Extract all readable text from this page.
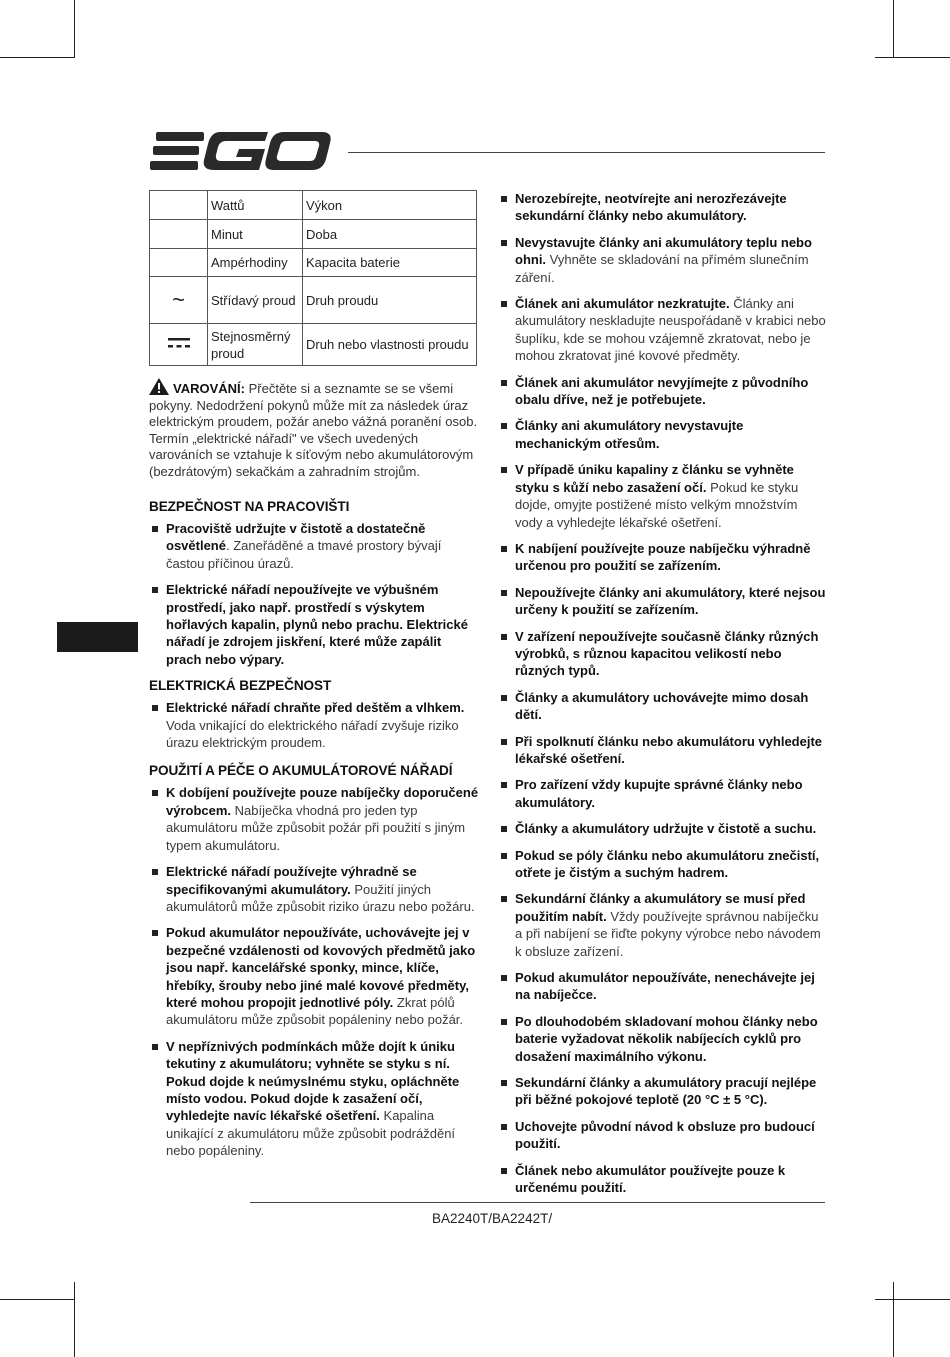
	Wattů	Výkon
	Minut	Doba
	Ampérhodiny	Kapacita baterie
~	Střídavý proud	Druh proudu
	Stejnosměrný proud	Druh nebo vlastnosti proudu

VAROVÁNÍ: Přečtěte si a seznamte se se všemi pokyny. Nedodržení pokynů může mít za následek úraz elektrickým proudem, požár anebo vážná poranění osob. Termín „elektrické nářadí" ve všech uvedených varováních se vztahuje k síťovým nebo akumulátorovým (bezdrátovým) sekačkám a zahradním strojům.

BEZPEČNOST NA PRACOVIŠTI
Pracoviště udržujte v čistotě a dostatečně osvětlené. Zaneřáděné a tmavé prostory bývají častou příčinou úrazů.
Elektrické nářadí nepoužívejte ve výbušném prostředí, jako např. prostředí s výskytem hořlavých kapalin, plynů nebo prachu. Elektrické nářadí je zdrojem jiskření, které může zapálit prach nebo výpary.
ELEKTRICKÁ BEZPEČNOST
Elektrické nářadí chraňte před deštěm a vlhkem. Voda vnikající do elektrického nářadí zvyšuje riziko úrazu elektrickým proudem.
POUŽITÍ A PÉČE O AKUMULÁTOROVÉ NÁŘADÍ
K dobíjení používejte pouze nabíječky doporučené výrobcem. Nabíječka vhodná pro jeden typ akumulátoru může způsobit požár při použití s jiným typem akumulátoru.
Elektrické nářadí používejte výhradně se specifikovanými akumulátory. Použití jiných akumulátorů může způsobit riziko úrazu nebo požáru.
Pokud akumulátor nepoužíváte, uchovávejte jej v bezpečné vzdálenosti od kovových předmětů jako jsou např. kancelářské sponky, mince, klíče, hřebíky, šrouby nebo jiné malé kovové předměty, které mohou propojit jednotlivé póly. Zkrat pólů akumulátoru může způsobit popáleniny nebo požár.
V nepříznivých podmínkách může dojít k úniku tekutiny z akumulátoru; vyhněte se styku s ní. Pokud dojde k neúmyslnému styku, opláchněte místo vodou. Pokud dojde k zasažení očí, vyhledejte navíc lékařské ošetření. Kapalina unikající z akumulátoru může způsobit podráždění nebo popáleniny.
Nerozebírejte, neotvírejte ani nerozřezávejte sekundární články nebo akumulátory.
Nevystavujte články ani akumulátory teplu nebo ohni. Vyhněte se skladování na přímém slunečním záření.
Článek ani akumulátor nezkratujte. Články ani akumulátory neskladujte neuspořádaně v krabici nebo šuplíku, kde se mohou vzájemně zkratovat, nebo je mohou zkratovat jiné kovové předměty.
Článek ani akumulátor nevyjímejte z původního obalu dříve, než je potřebujete.
Články ani akumulátory nevystavujte mechanickým otřesům.
V případě úniku kapaliny z článku se vyhněte styku s kůží nebo zasažení očí. Pokud ke styku dojde, omyjte postižené místo velkým množstvím vody a vyhledejte lékařské ošetření.
K nabíjení používejte pouze nabíječku výhradně určenou pro použití se zařízením.
Nepoužívejte články ani akumulátory, které nejsou určeny k použití se zařízením.
V zařízení nepoužívejte současně články různých výrobků, s různou kapacitou velikostí nebo různých typů.
Články a akumulátory uchovávejte mimo dosah dětí.
Při spolknutí článku nebo akumulátoru vyhledejte lékařské ošetření.
Pro zařízení vždy kupujte správné články nebo akumulátory.
Články a akumulátory udržujte v čistotě a suchu.
Pokud se póly článku nebo akumulátoru znečistí, otřete je čistým a suchým hadrem.
Sekundární články a akumulátory se musí před použitím nabít. Vždy používejte správnou nabíječku a při nabíjení se řiďte pokyny výrobce nebo návodem k obsluze zařízení.
Pokud akumulátor nepoužíváte, nenechávejte jej na nabíječce.
Po dlouhodobém skladovaní mohou články nebo baterie vyžadovat několik nabíjecích cyklů pro dosažení maximálního výkonu.
Sekundární články a akumulátory pracují nejlépe při běžné pokojové teplotě (20 °C ± 5 °C).
Uchovejte původní návod k obsluze pro budoucí použití.
Článek nebo akumulátor používejte pouze k určenému použití.
BA2240T/BA2242T/
